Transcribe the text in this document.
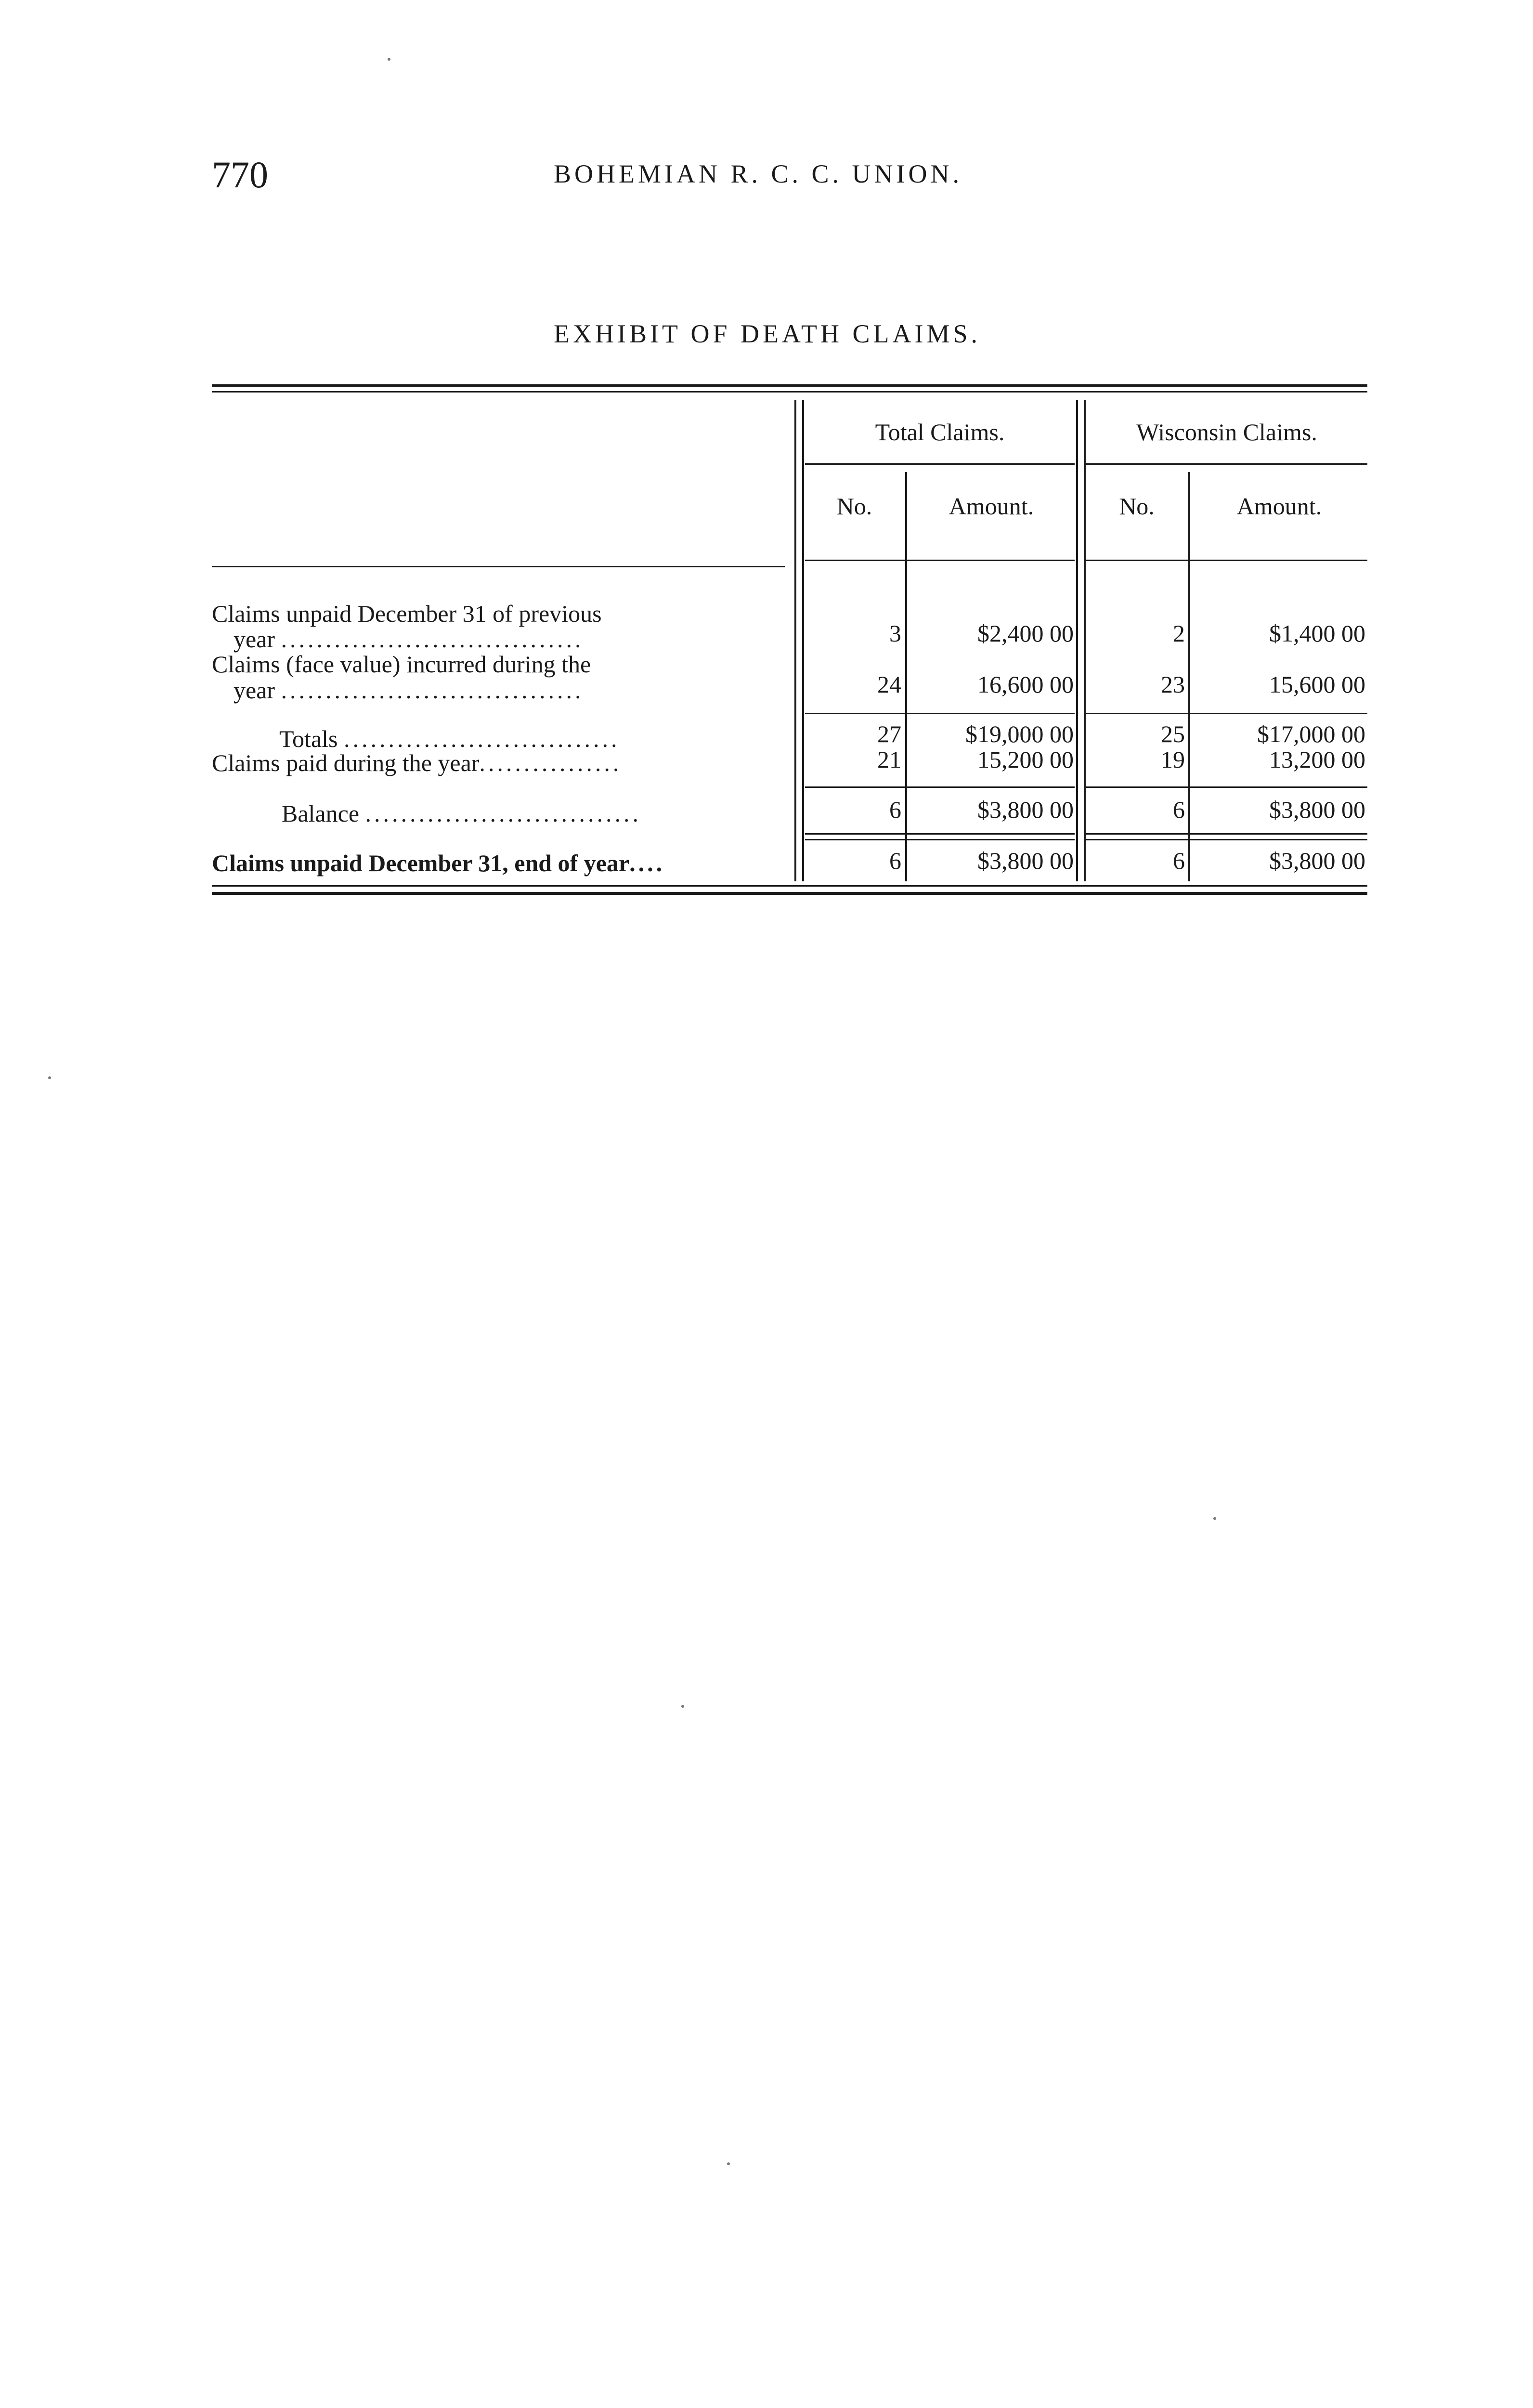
770	BOHEMIAN R. C. C. UNION.
EXHIBIT OF DEATH CLAIMS.
Total Claims.	Wisconsin Claims.
No.	Amount.	No.	Amount.
Claims unpaid December 31 of previous
year ..................................	3	$2,400 00	2	$1,400 00
Claims (face value) incurred during the
year ..................................	24	16,600 00	23	15,600 00
Totals ...............................	27	$19,000 00	25	$17,000 00
Claims paid during the year................	21	15,200 00	19	13,200 00
Balance ...............................	6	$3,800 00	6	$3,800 00
Claims unpaid December 31, end of year....	6	$3,800 00	6	$3,800 00
